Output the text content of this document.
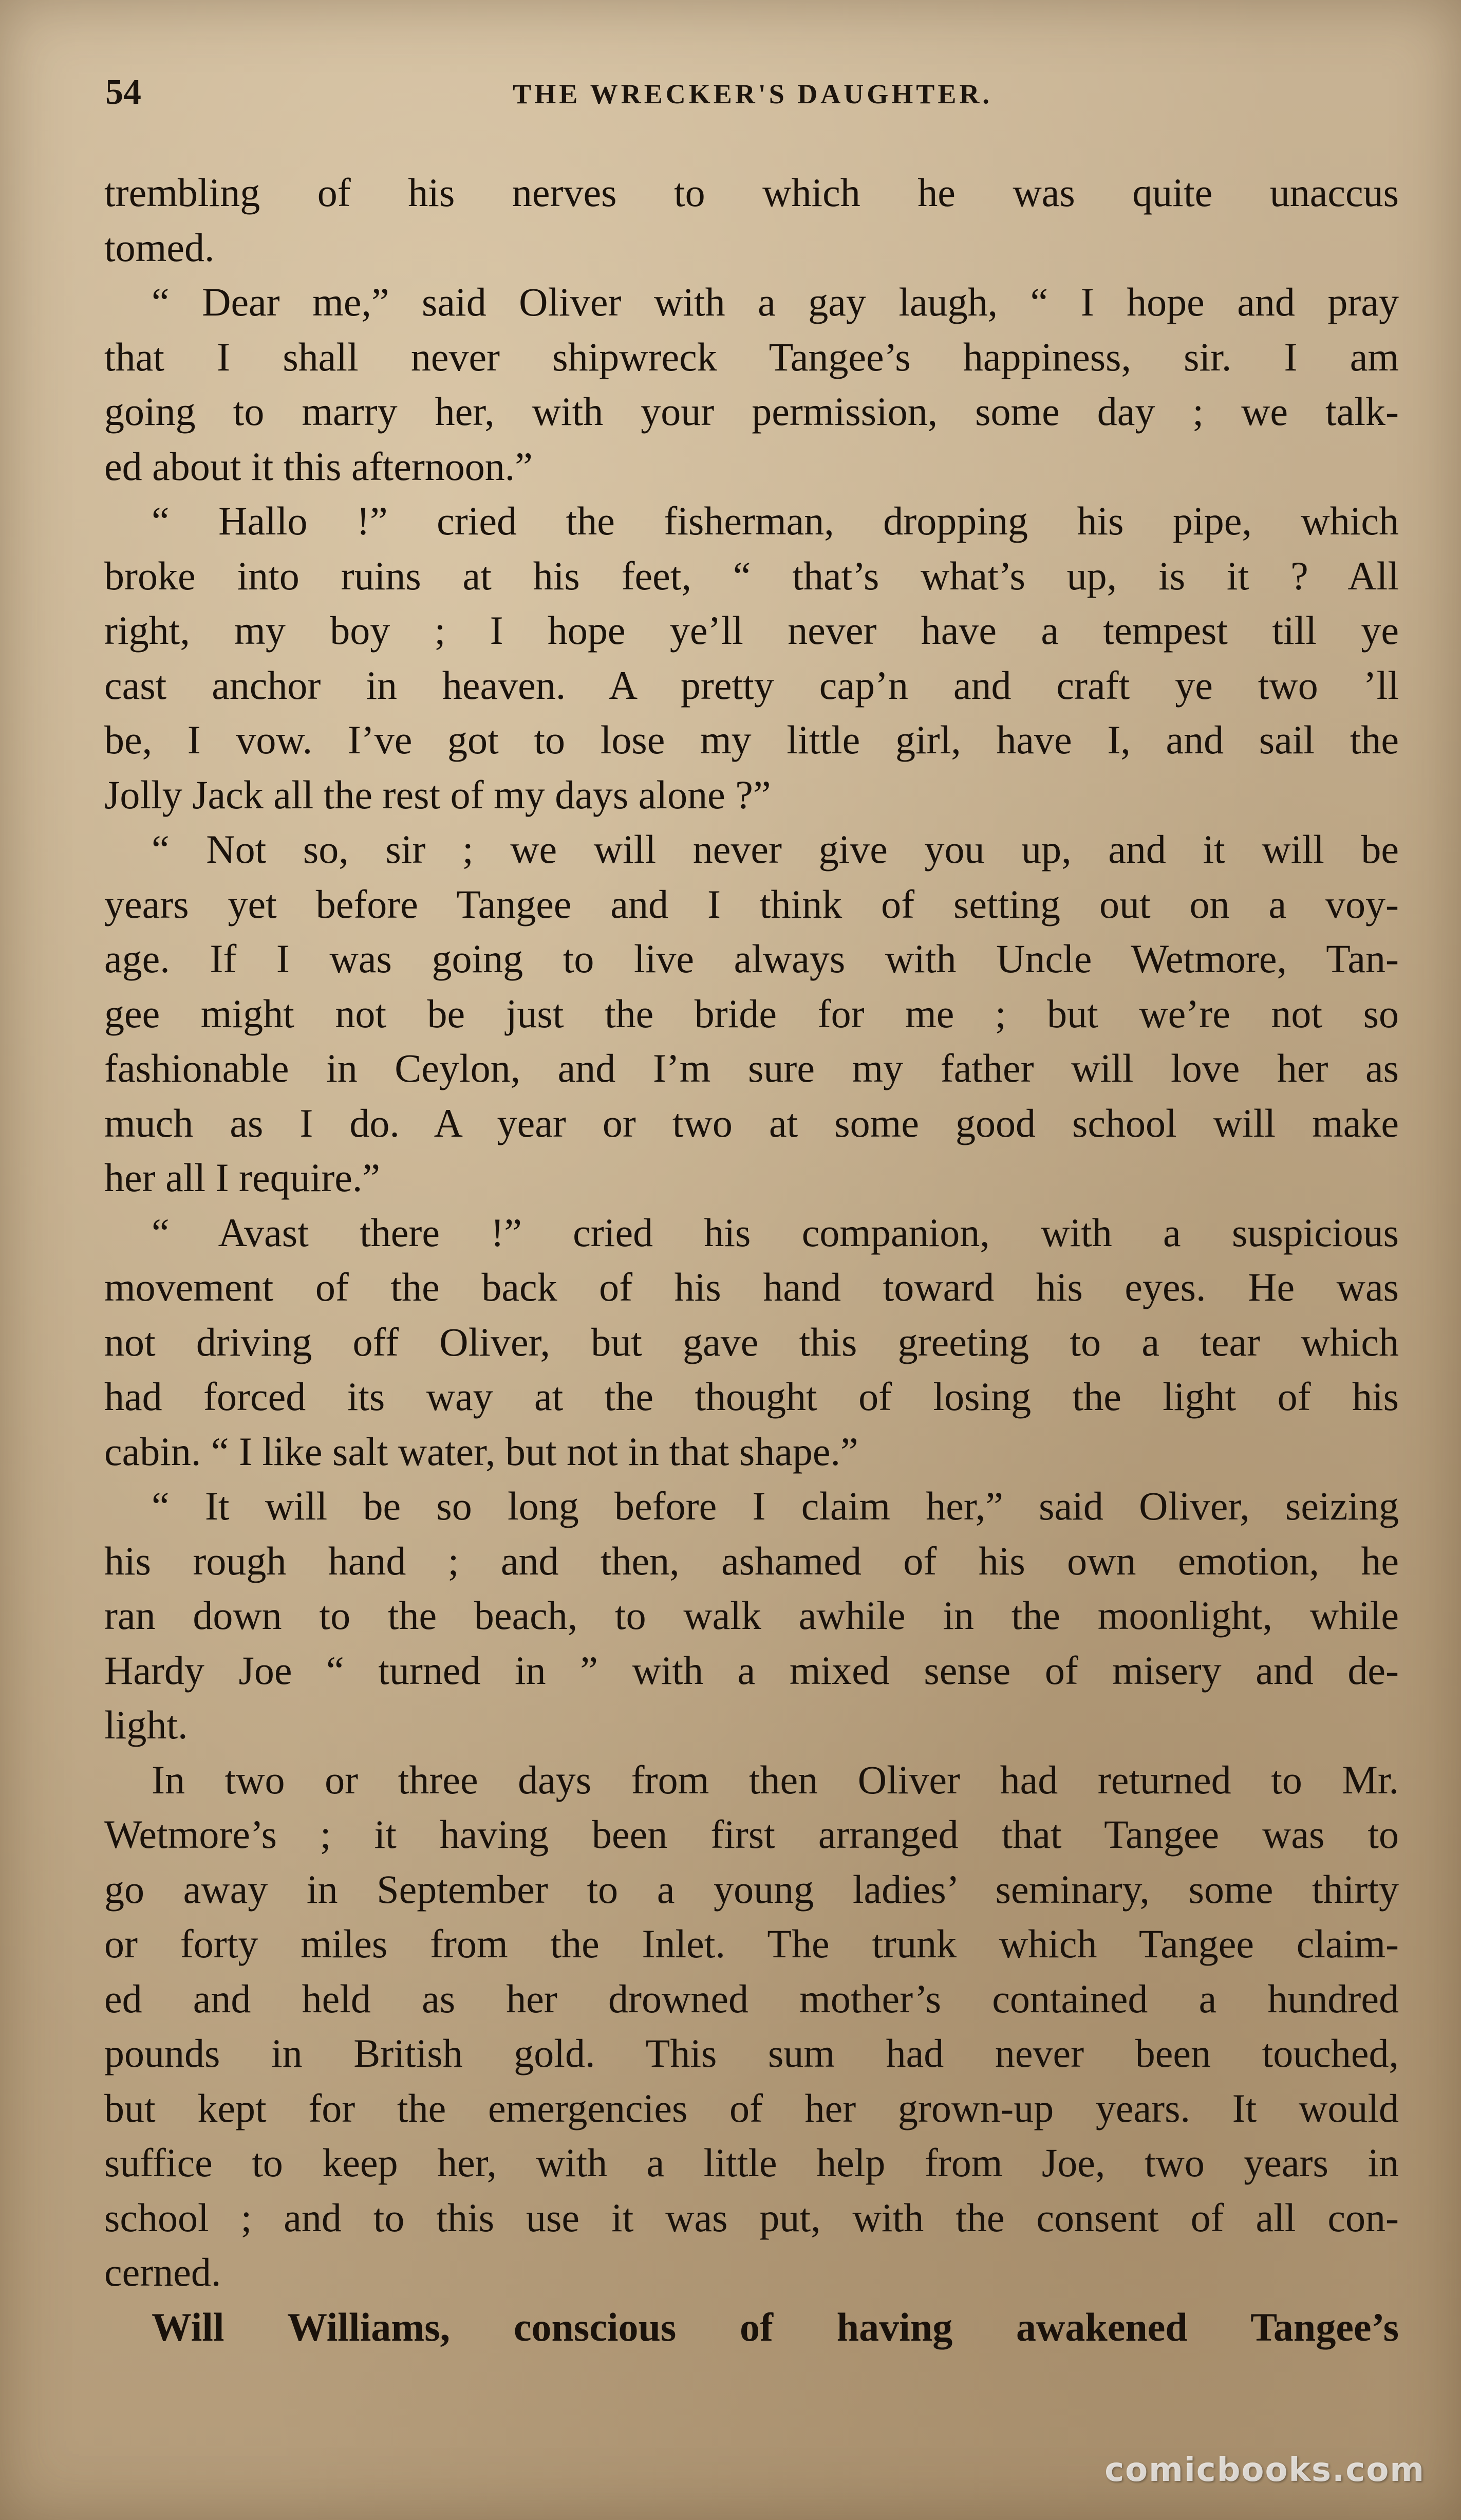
54	THE WRECKER'S DAUGHTER.
trembling of his nerves to which he was quite unaccus
tomed.
“ Dear me,” said Oliver with a gay laugh, “ I hope and pray
that I shall never shipwreck Tangee’s happiness, sir. I am
going to marry her, with your permission, some day ; we talk-
ed about it this afternoon.”
“ Hallo !” cried the fisherman, dropping his pipe, which
broke into ruins at his feet, “ that’s what’s up, is it ? All
right, my boy ; I hope ye’ll never have a tempest till ye
cast anchor in heaven. A pretty cap’n and craft ye two ’ll
be, I vow. I’ve got to lose my little girl, have I, and sail the
Jolly Jack all the rest of my days alone ?”
“ Not so, sir ; we will never give you up, and it will be
years yet before Tangee and I think of setting out on a voy-
age. If I was going to live always with Uncle Wetmore, Tan-
gee might not be just the bride for me ; but we’re not so
fashionable in Ceylon, and I’m sure my father will love her as
much as I do. A year or two at some good school will make
her all I require.”
“ Avast there !” cried his companion, with a suspicious
movement of the back of his hand toward his eyes. He was
not driving off Oliver, but gave this greeting to a tear which
had forced its way at the thought of losing the light of his
cabin. “ I like salt water, but not in that shape.”
“ It will be so long before I claim her,” said Oliver, seizing
his rough hand ; and then, ashamed of his own emotion, he
ran down to the beach, to walk awhile in the moonlight, while
Hardy Joe “ turned in ” with a mixed sense of misery and de-
light.
In two or three days from then Oliver had returned to Mr.
Wetmore’s ; it having been first arranged that Tangee was to
go away in September to a young ladies’ seminary, some thirty
or forty miles from the Inlet. The trunk which Tangee claim-
ed and held as her drowned mother’s contained a hundred
pounds in British gold. This sum had never been touched,
but kept for the emergencies of her grown-up years. It would
suffice to keep her, with a little help from Joe, two years in
school ; and to this use it was put, with the consent of all con-
cerned.
Will Williams, conscious of having awakened Tangee’s
comicbooks.com
